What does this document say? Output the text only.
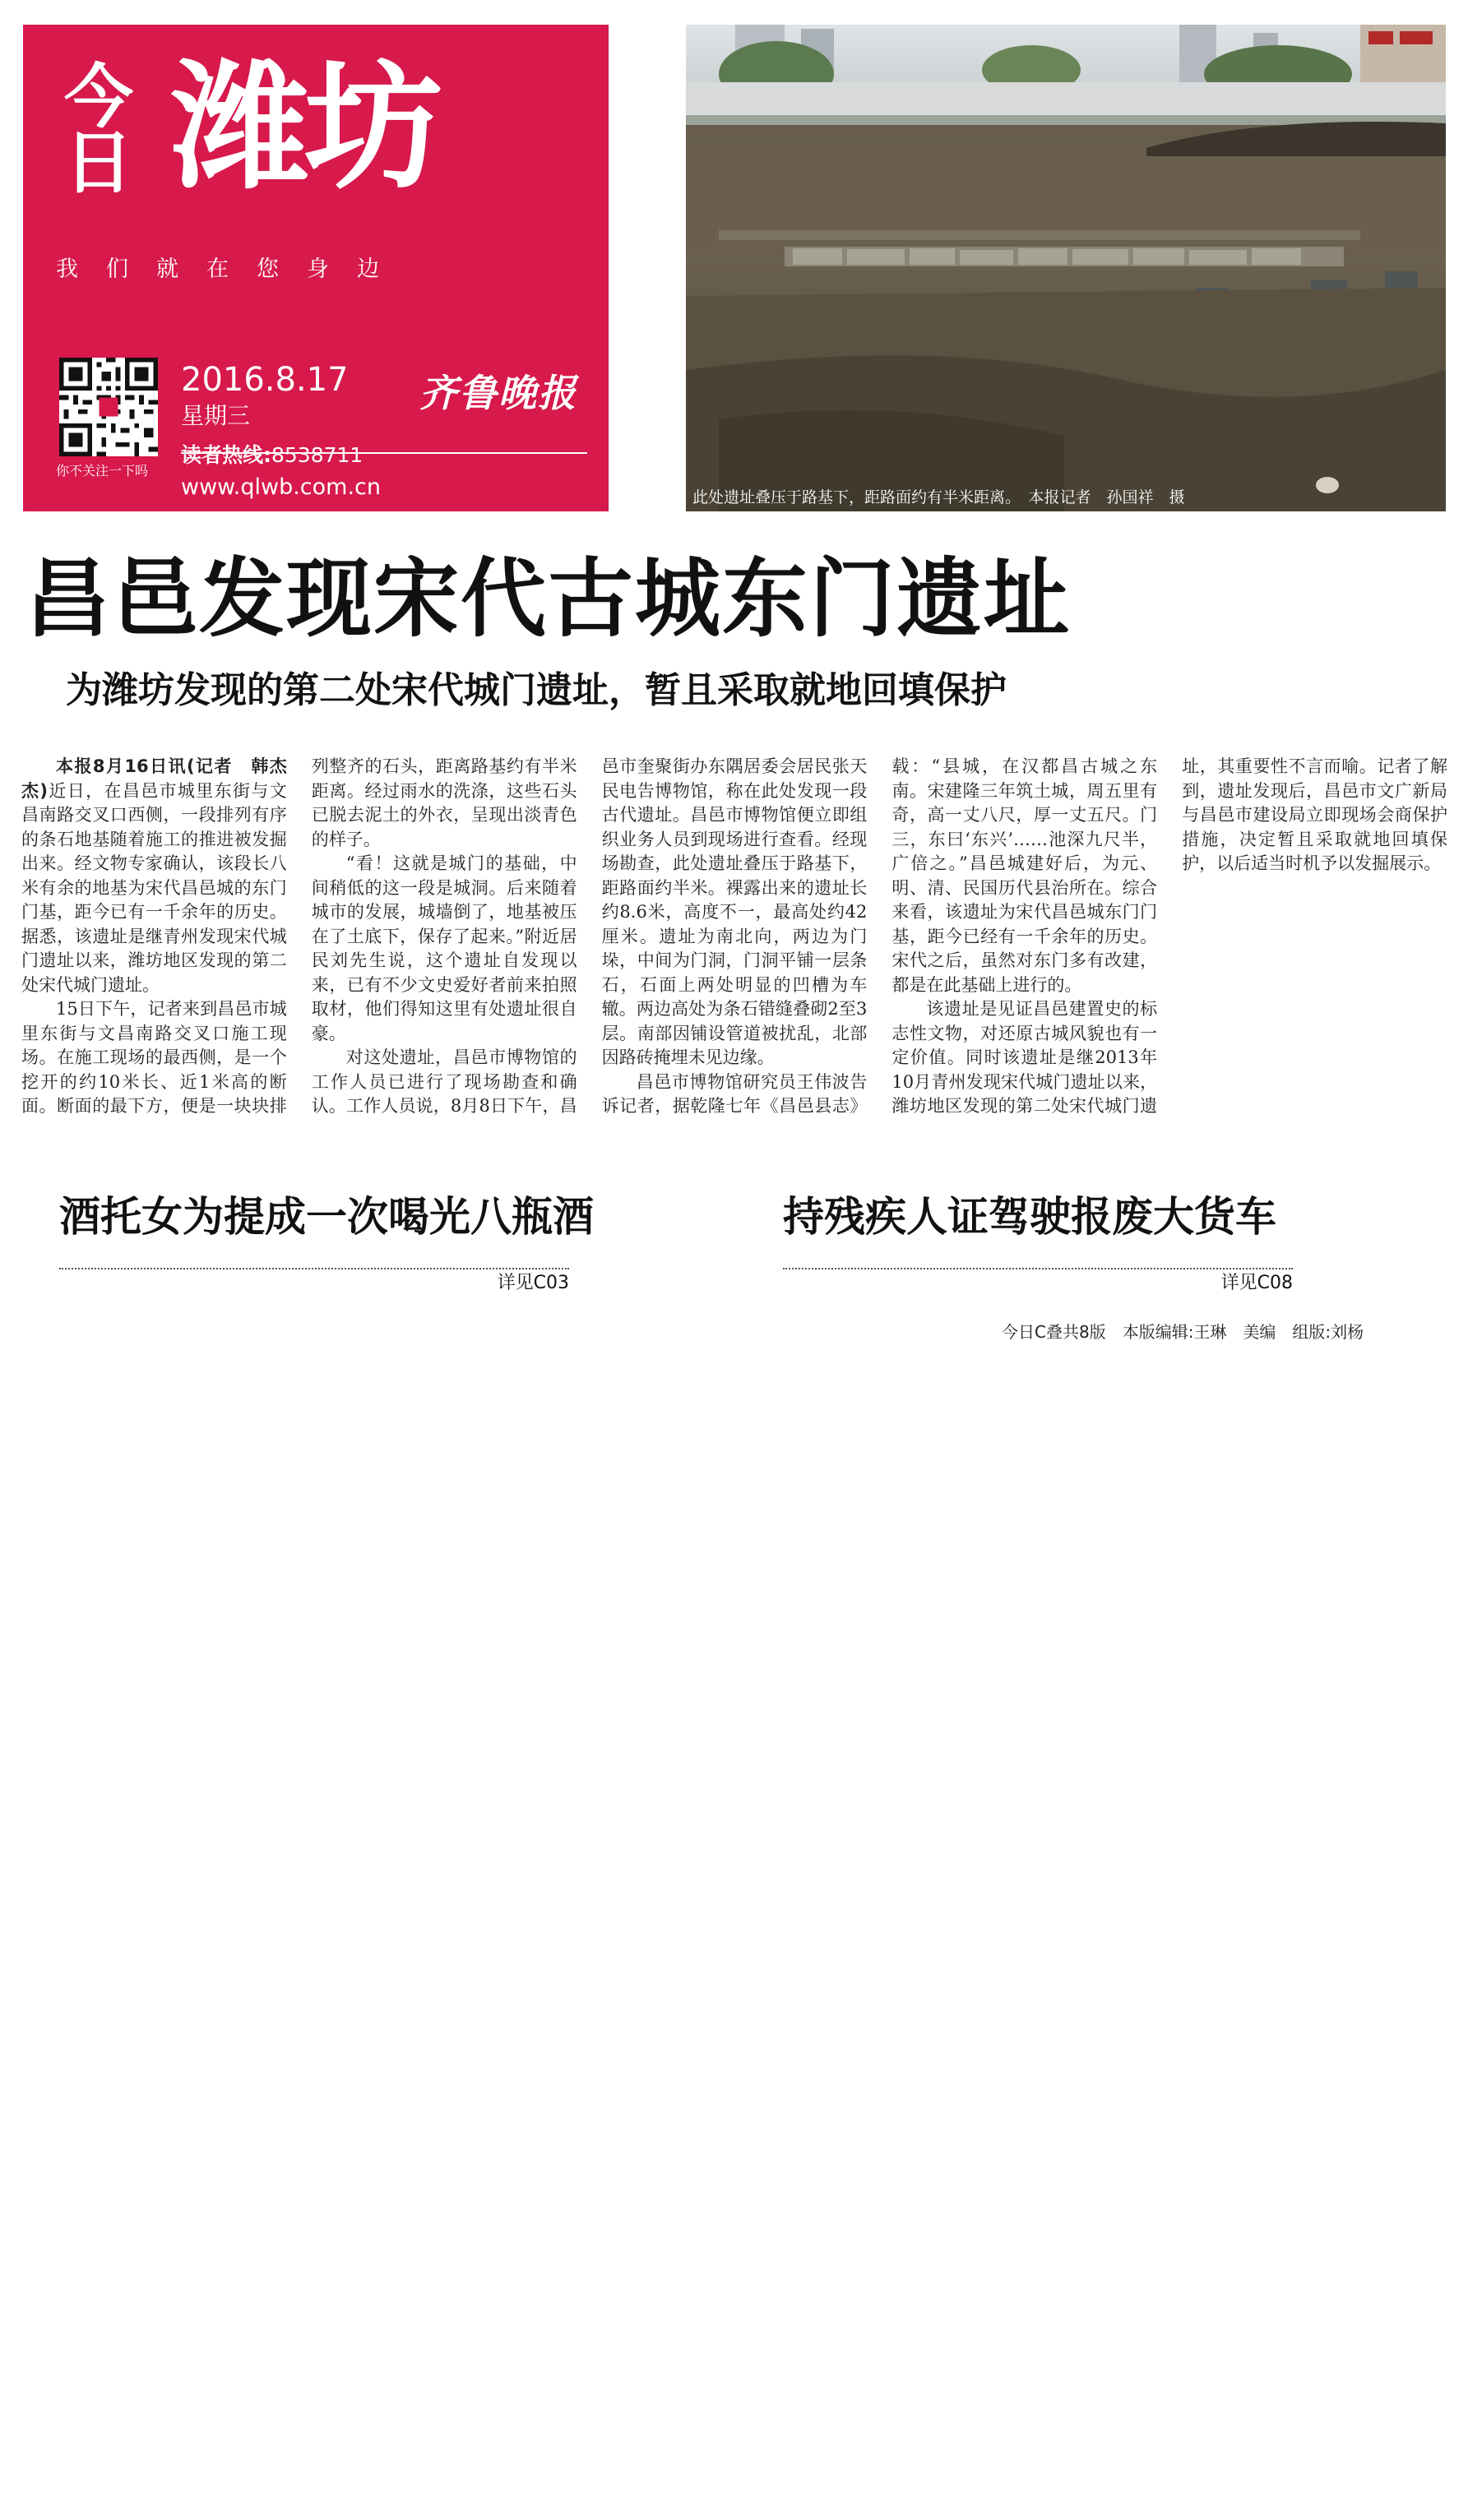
今
日 潍坊
我们就在您身边
你不关注一下吗
2016.8.17
星期三
读者热线:8538711
www.qlwb.com.cn
齐鲁晚报
此处遗址叠压于路基下，距路面约有半米距离。　本报记者　孙国祥　摄
昌邑发现宋代古城东门遗址
为潍坊发现的第二处宋代城门遗址，暂且采取就地回填保护

本报8月16日讯(记者　韩杰杰)近日，在昌邑市城里东街与文昌南路交叉口西侧，一段排列有序的条石地基随着施工的推进被发掘出来。经文物专家确认，该段长八米有余的地基为宋代昌邑城的东门门基，距今已有一千余年的历史。据悉，该遗址是继青州发现宋代城门遗址以来，潍坊地区发现的第二处宋代城门遗址。

15日下午，记者来到昌邑市城里东街与文昌南路交叉口施工现场。在施工现场的最西侧，是一个挖开的约10米长、近1米高的断面。断面的最下方，便是一块块排列整齐的石头，距离路基约有半米距离。经过雨水的洗涤，这些石头已脱去泥土的外衣，呈现出淡青色的样子。

“看！这就是城门的基础，中间稍低的这一段是城洞。后来随着城市的发展，城墙倒了，地基被压在了土底下，保存了起来。”附近居民刘先生说，这个遗址自发现以来，已有不少文史爱好者前来拍照取材，他们得知这里有处遗址很自豪。

对这处遗址，昌邑市博物馆的工作人员已进行了现场勘查和确认。工作人员说，8月8日下午，昌邑市奎聚街办东隅居委会居民张天民电告博物馆，称在此处发现一段古代遗址。昌邑市博物馆便立即组织业务人员到现场进行查看。经现场勘查，此处遗址叠压于路基下，距路面约半米。裸露出来的遗址长约8.6米，高度不一，最高处约42厘米。遗址为南北向，两边为门垛，中间为门洞，门洞平铺一层条石，石面上两处明显的凹槽为车辙。两边高处为条石错缝叠砌2至3层。南部因铺设管道被扰乱，北部因路砖掩埋未见边缘。

昌邑市博物馆研究员王伟波告诉记者，据乾隆七年《昌邑县志》载：“县城，在汉都昌古城之东南。宋建隆三年筑土城，周五里有奇，高一丈八尺，厚一丈五尺。门三，东曰‘东兴’……池深九尺半，广倍之。”昌邑城建好后，为元、明、清、民国历代县治所在。综合来看，该遗址为宋代昌邑城东门门基，距今已经有一千余年的历史。宋代之后，虽然对东门多有改建，都是在此基础上进行的。

该遗址是见证昌邑建置史的标志性文物，对还原古城风貌也有一定价值。同时该遗址是继2013年10月青州发现宋代城门遗址以来，潍坊地区发现的第二处宋代城门遗址，其重要性不言而喻。记者了解到，遗址发现后，昌邑市文广新局与昌邑市建设局立即现场会商保护措施，决定暂且采取就地回填保护，以后适当时机予以发掘展示。

酒托女为提成一次喝光八瓶酒
详见C03
持残疾人证驾驶报废大货车
详见C08
今日C叠共8版　本版编辑:王琳　美编　组版:刘杨
